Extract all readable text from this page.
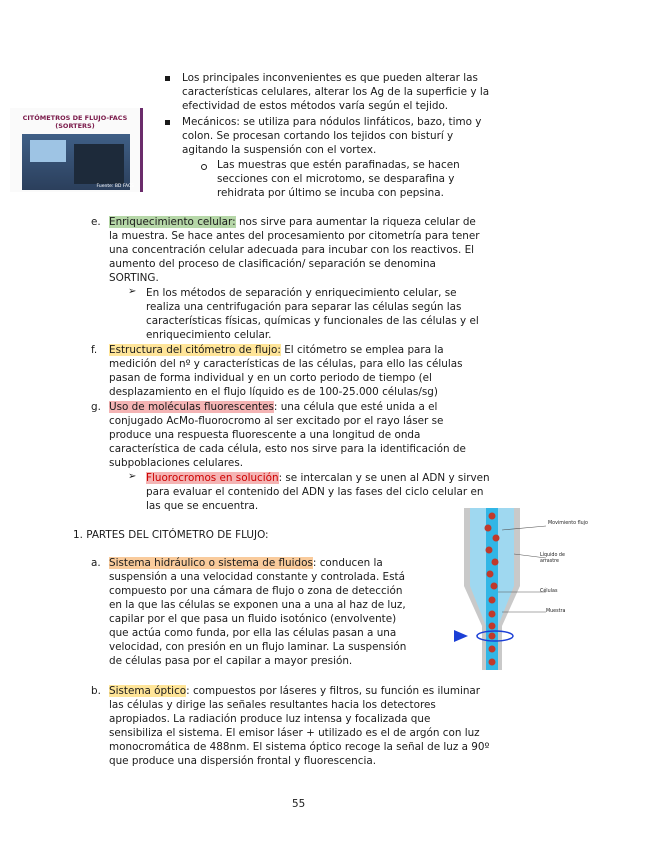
CITÓMETROS DE FLUJO-FACS (SORTERS)
Fuente: BD FACS
Los principales inconvenientes es que pueden alterar las
características celulares, alterar los Ag de la superficie y la
efectividad de estos métodos varía según el tejido.
Mecánicos: se utiliza para nódulos linfáticos, bazo, timo y
colon. Se procesan cortando los tejidos con bisturí y
agitando la suspensión con el vortex.
Las muestras que estén parafinadas, se hacen
secciones con el microtomo, se desparafina y
rehidrata por último se incuba con pepsina.
e. Enriquecimiento celular: nos sirve para aumentar la riqueza celular de
la muestra. Se hace antes del procesamiento por citometría para tener
una concentración celular adecuada para incubar con los reactivos. El
aumento del proceso de clasificación/ separación se denomina
SORTING.
➢ En los métodos de separación y enriquecimiento celular, se
realiza una centrifugación para separar las células según las
características físicas, químicas y funcionales de las células y el
enriquecimiento celular.
f. Estructura del citómetro de flujo: El citómetro se emplea para la
medición del nº y características de las células, para ello las células
pasan de forma individual y en un corto periodo de tiempo (el
desplazamiento en el flujo líquido es de 100-25.000 células/sg)
g. Uso de moléculas fluorescentes: una célula que esté unida a el
conjugado AcMo-fluorocromo al ser excitado por el rayo láser se
produce una respuesta fluorescente a una longitud de onda
característica de cada célula, esto nos sirve para la identificación de
subpoblaciones celulares.
➢ Fluorocromos en solución: se intercalan y se unen al ADN y sirven
para evaluar el contenido del ADN y las fases del ciclo celular en
las que se encuentra.
1. PARTES DEL CITÓMETRO DE FLUJO:
a. Sistema hidráulico o sistema de fluidos: conducen la
suspensión a una velocidad constante y controlada. Está
compuesto por una cámara de flujo o zona de detección
en la que las células se exponen una a una al haz de luz,
capilar por el que pasa un fluido isotónico (envolvente)
que actúa como funda, por ella las células pasan a una
velocidad, con presión en un flujo laminar. La suspensión
de células pasa por el capilar a mayor presión.
Movimiento flujo
Líquido de arrastre
Células
Muestra
b. Sistema óptico: compuestos por láseres y filtros, su función es iluminar
las células y dirige las señales resultantes hacia los detectores
apropiados. La radiación produce luz intensa y focalizada que
sensibiliza el sistema. El emisor láser + utilizado es el de argón con luz
monocromática de 488nm. El sistema óptico recoge la señal de luz a 90º
que produce una dispersión frontal y fluorescencia.
55
